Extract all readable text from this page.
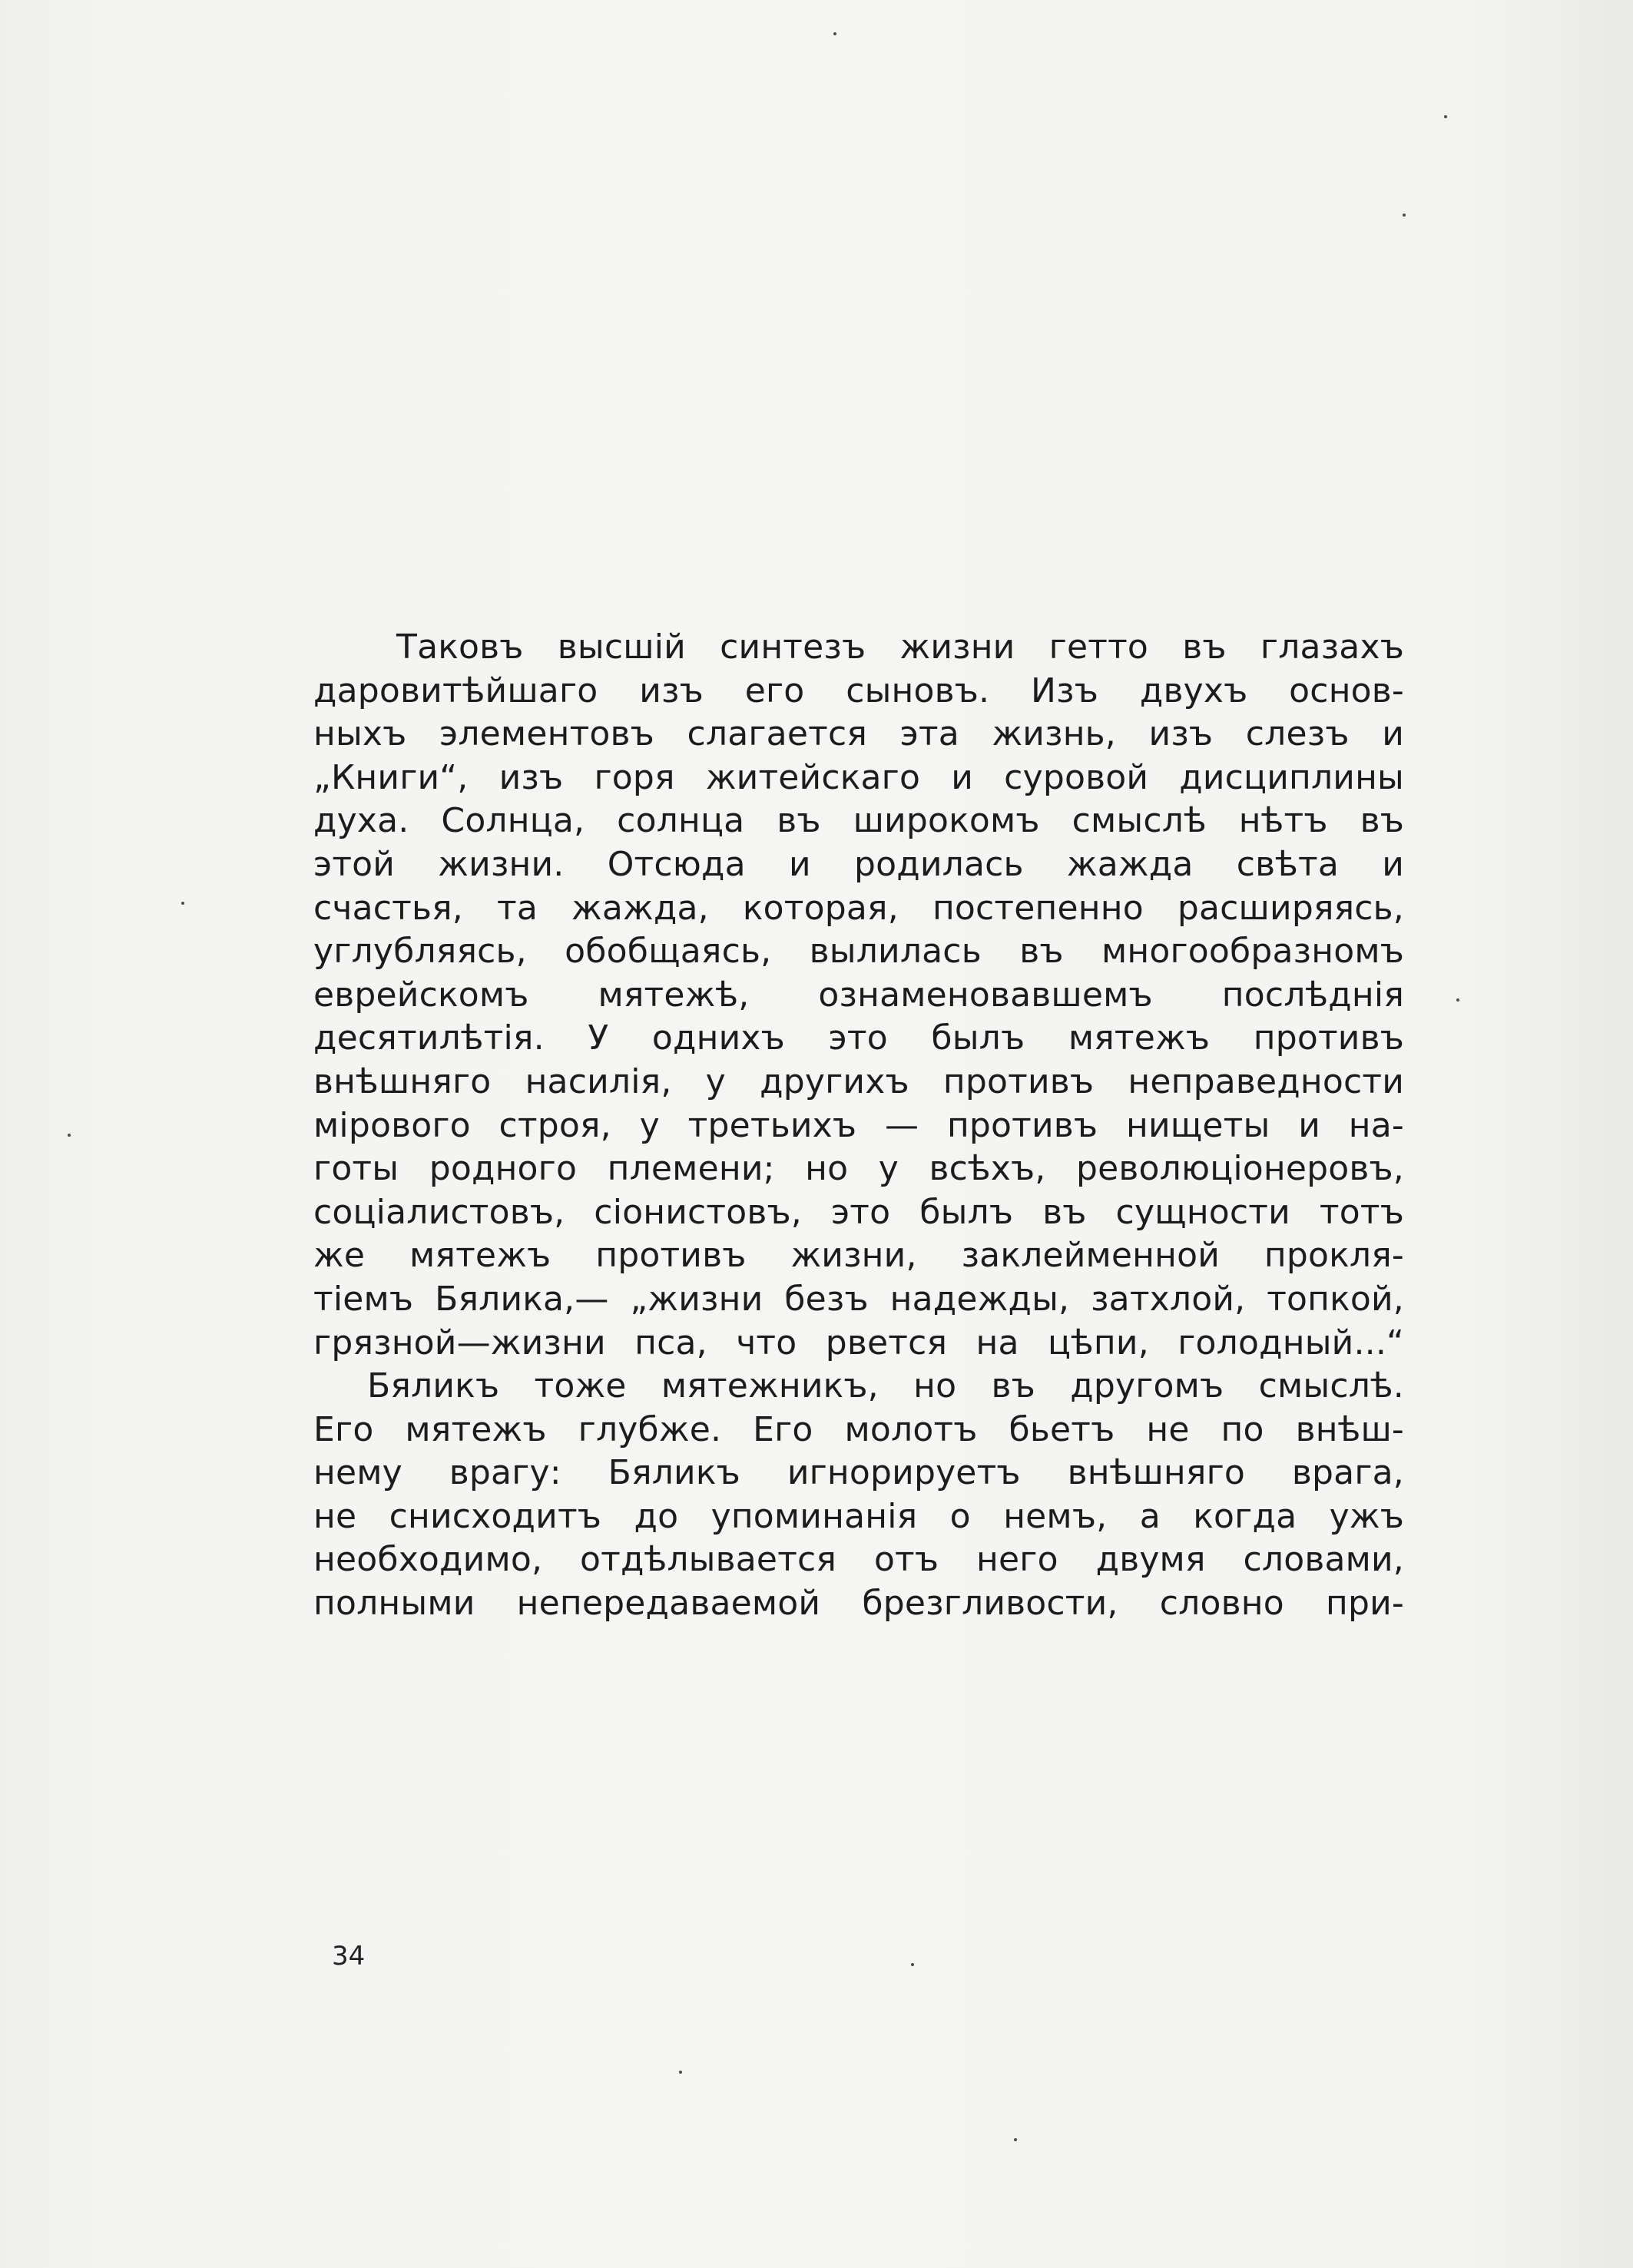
Таковъ высшій синтезъ жизни гетто въ глазахъ
даровитѣйшаго изъ его сыновъ. Изъ двухъ основ-
ныхъ элементовъ слагается эта жизнь, изъ слезъ и
„Книги“, изъ горя житейскаго и суровой дисциплины
духа. Солнца, солнца въ широкомъ смыслѣ нѣтъ въ
этой жизни. Отсюда и родилась жажда свѣта и
счастья, та жажда, которая, постепенно расширяясь,
углубляясь, обобщаясь, вылилась въ многообразномъ
еврейскомъ мятежѣ, ознаменовавшемъ послѣднія
десятилѣтія. У однихъ это былъ мятежъ противъ
внѣшняго насилія, у другихъ противъ неправедности
мірового строя, у третьихъ — противъ нищеты и на-
готы родного племени; но у всѣхъ, революціонеровъ,
соціалистовъ, сіонистовъ, это былъ въ сущности тотъ
же мятежъ противъ жизни, заклейменной прокля-
тіемъ Бялика,— „жизни безъ надежды, затхлой, топкой,
грязной—жизни пса, что рвется на цѣпи, голодный...“
Бяликъ тоже мятежникъ, но въ другомъ смыслѣ.
Его мятежъ глубже. Его молотъ бьетъ не по внѣш-
нему врагу: Бяликъ игнорируетъ внѣшняго врага,
не снисходитъ до упоминанія о немъ, а когда ужъ
необходимо, отдѣлывается отъ него двумя словами,
полными непередаваемой брезгливости, словно при-
34
